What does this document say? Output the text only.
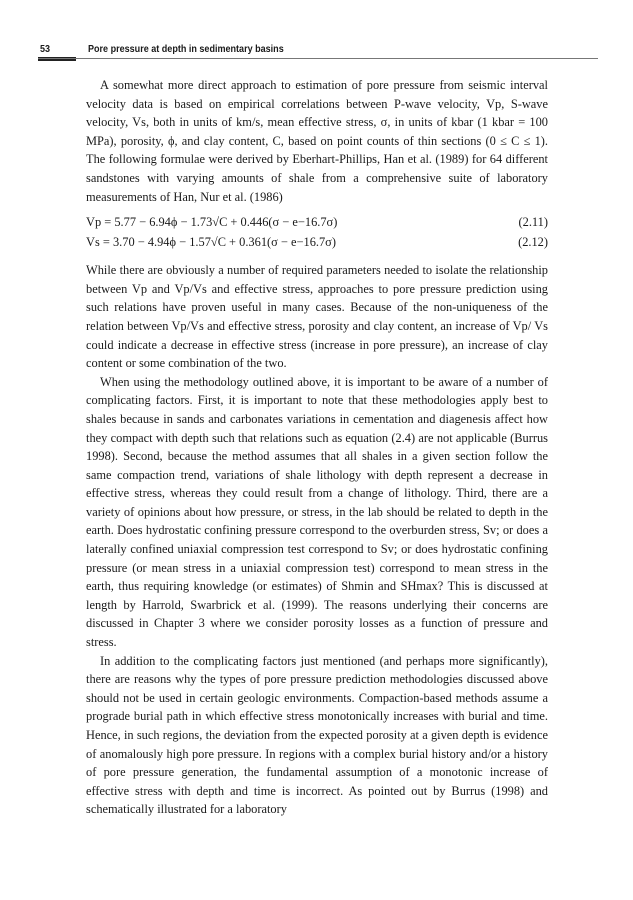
53	Pore pressure at depth in sedimentary basins

A somewhat more direct approach to estimation of pore pressure from seismic interval velocity data is based on empirical correlations between P-wave velocity, Vp, S-wave velocity, Vs, both in units of km/s, mean effective stress, σ, in units of kbar (1 kbar = 100 MPa), porosity, ϕ, and clay content, C, based on point counts of thin sections (0 ≤ C ≤ 1). The following formulae were derived by Eberhart-Phillips, Han et al. (1989) for 64 different sandstones with varying amounts of shale from a comprehensive suite of laboratory measurements of Han, Nur et al. (1986)

Vp = 5.77 − 6.94ϕ − 1.73√C + 0.446(σ − e−16.7σ)	(2.11)
Vs = 3.70 − 4.94ϕ − 1.57√C + 0.361(σ − e−16.7σ)	(2.12)

While there are obviously a number of required parameters needed to isolate the relationship between Vp and Vp/Vs and effective stress, approaches to pore pressure prediction using such relations have proven useful in many cases. Because of the non-uniqueness of the relation between Vp/Vs and effective stress, porosity and clay content, an increase of Vp/ Vs could indicate a decrease in effective stress (increase in pore pressure), an increase of clay content or some combination of the two.

When using the methodology outlined above, it is important to be aware of a number of complicating factors. First, it is important to note that these methodologies apply best to shales because in sands and carbonates variations in cementation and diagenesis affect how they compact with depth such that relations such as equation (2.4) are not applicable (Burrus 1998). Second, because the method assumes that all shales in a given section follow the same compaction trend, variations of shale lithology with depth represent a decrease in effective stress, whereas they could result from a change of lithology. Third, there are a variety of opinions about how pressure, or stress, in the lab should be related to depth in the earth. Does hydrostatic confining pressure correspond to the overburden stress, Sv; or does a laterally confined uniaxial compression test correspond to Sv; or does hydrostatic confining pressure (or mean stress in a uniaxial compression test) correspond to mean stress in the earth, thus requiring knowledge (or estimates) of Shmin and SHmax? This is discussed at length by Harrold, Swarbrick et al. (1999). The reasons underlying their concerns are discussed in Chapter 3 where we consider porosity losses as a function of pressure and stress.

In addition to the complicating factors just mentioned (and perhaps more significantly), there are reasons why the types of pore pressure prediction methodologies discussed above should not be used in certain geologic environments. Compaction-based methods assume a prograde burial path in which effective stress monotonically increases with burial and time. Hence, in such regions, the deviation from the expected porosity at a given depth is evidence of anomalously high pore pressure. In regions with a complex burial history and/or a history of pore pressure generation, the fundamental assumption of a monotonic increase of effective stress with depth and time is incorrect. As pointed out by Burrus (1998) and schematically illustrated for a laboratory
